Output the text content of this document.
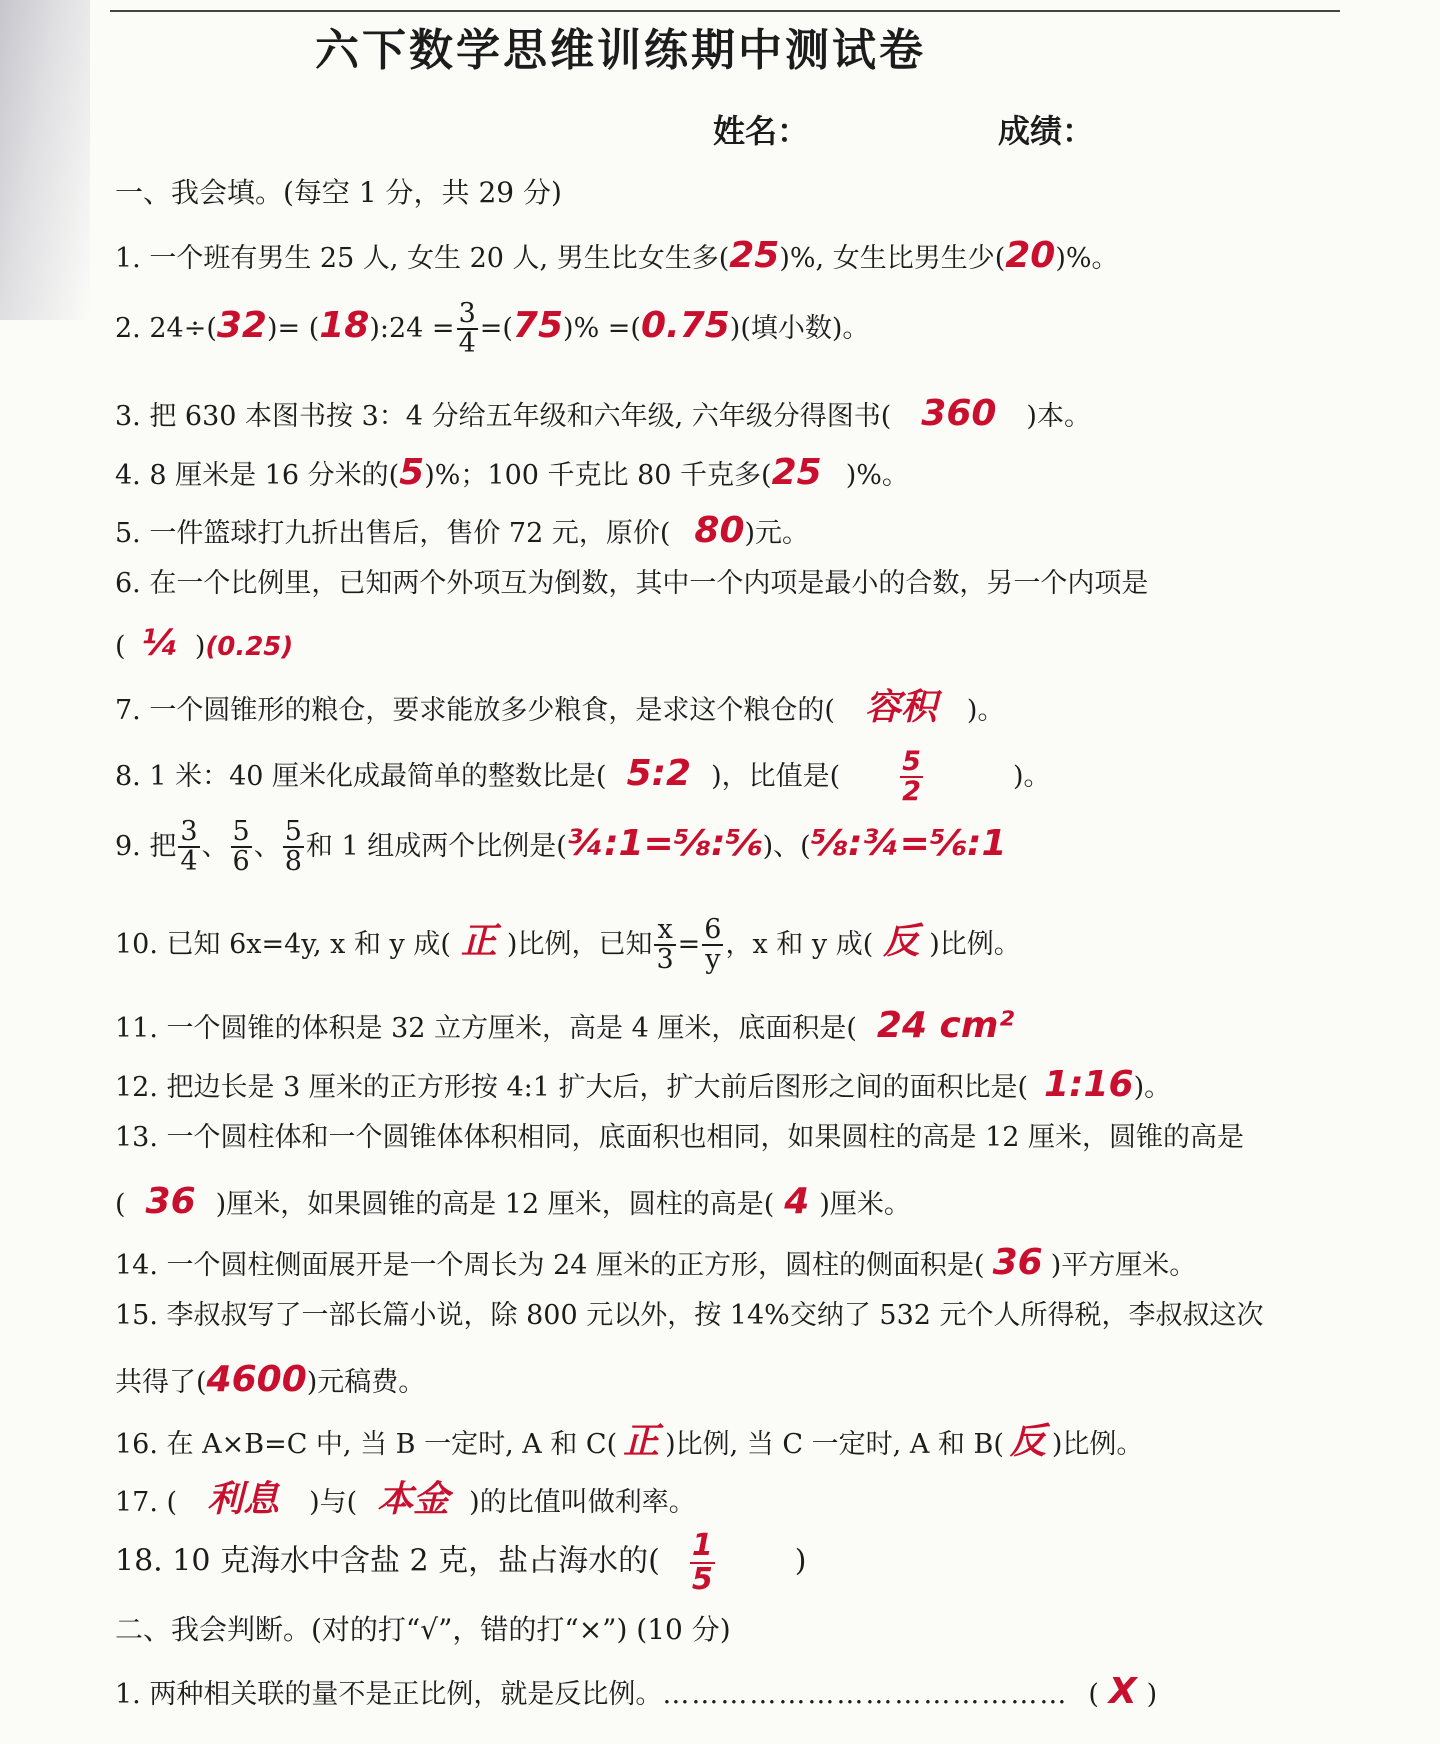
六下数学思维训练期中测试卷
姓名：	成绩：
一、我会填。(每空 1 分，共 29 分)
1. 一个班有男生 25 人, 女生 20 人, 男生比女生多(25)%, 女生比男生少(20)%。
2. 24÷(32)= (18):24 = $\frac{3}{4} =(75)\% =(0.75)$(填小数)。
3. 把 630 本图书按 3：4 分给五年级和六年级, 六年级分得图书( 360 )本。
4. 8 厘米是 16 分米的(5)%；100 千克比 80 千克多(25 )%。
5. 一件篮球打九折出售后，售价 72 元，原价( 80)元。
6. 在一个比例里，已知两个外项互为倒数，其中一个内项是最小的合数，另一个内项是
( ¼ )(0.25)
7. 一个圆锥形的粮仓，要求能放多少粮食，是求这个粮仓的( 容积 )。
8. 1 米：40 厘米化成最简单的整数比是( 5:2 )，比值是( $\frac{5}{2}$	)。
9. 把 $\frac{3}{4}$ 、 $\frac{5}{6}$ 、 $\frac{5}{8}$ 和 1 组成两个比例是(¾:1=⅝:⅚)、(⅝:¾=⅚:1
10. 已知 6x=4y, x 和 y 成( 正 )比例，已知 $\frac{x}{3} = \frac{6}{y}$ ，x 和 y 成( 反 )比例。
11. 一个圆锥的体积是 32 立方厘米，高是 4 厘米，底面积是( 24 cm²
12. 把边长是 3 厘米的正方形按 4:1 扩大后，扩大前后图形之间的面积比是( 1:16)。
13. 一个圆柱体和一个圆锥体体积相同，底面积也相同，如果圆柱的高是 12 厘米，圆锥的高是
( 36 )厘米，如果圆锥的高是 12 厘米，圆柱的高是( 4 )厘米。
14. 一个圆柱侧面展开是一个周长为 24 厘米的正方形，圆柱的侧面积是( 36 )平方厘米。
15. 李叔叔写了一部长篇小说，除 800 元以外，按 14%交纳了 532 元个人所得税，李叔叔这次
共得了(4600)元稿费。
16. 在 A×B=C 中, 当 B 一定时, A 和 C( 正 )比例, 当 C 一定时, A 和 B( 反 )比例。
17. ( 利息 )与( 本金 )的比值叫做利率。
18. 10 克海水中含盐 2 克，盐占海水的( $\frac{1}{5}$	)
二、我会判断。(对的打“√”，错的打“×”) (10 分)
1. 两种相关联的量不是正比例，就是反比例。…………………………………… ( X )
